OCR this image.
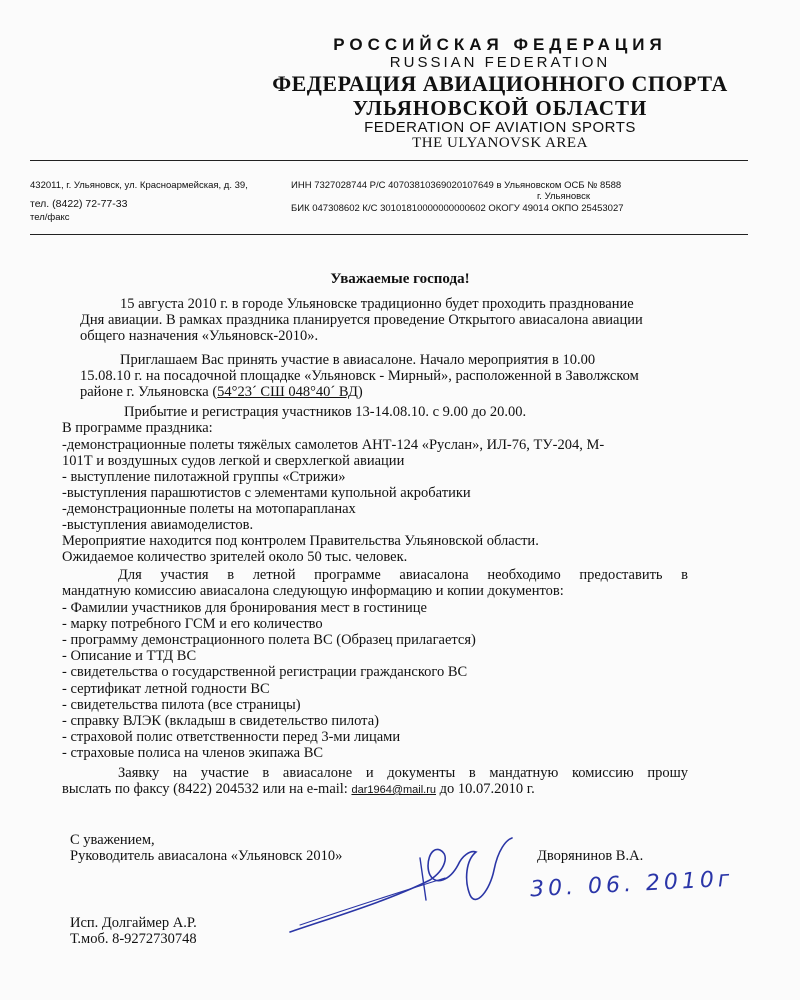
РОССИЙСКАЯ ФЕДЕРАЦИЯ
RUSSIAN FEDERATION
ФЕДЕРАЦИЯ АВИАЦИОННОГО СПОРТА
УЛЬЯНОВСКОЙ ОБЛАСТИ
FEDERATION OF AVIATION SPORTS
THE ULYANOVSK AREA
432011, г. Ульяновск, ул. Красноармейская, д. 39,
тел. (8422) 72-77-33
тел/факс
ИНН 7327028744 Р/С 40703810369020107649 в Ульяновском ОСБ № 8588
г. Ульяновск
БИК 047308602 К/С 30101810000000000602 ОКОГУ 49014 ОКПО 25453027
Уважаемые господа!
15 августа 2010 г. в городе Ульяновске традиционно будет проходить празднование
Дня авиации. В рамках праздника планируется проведение Открытого авиасалона авиации
общего назначения «Ульяновск-2010».
Приглашаем Вас принять участие в авиасалоне. Начало мероприятия в 10.00
15.08.10 г. на посадочной площадке «Ульяновск - Мирный», расположенной в Заволжском
районе г. Ульяновска (54°23´ СШ 048°40´ ВД)
Прибытие и регистрация участников 13-14.08.10. с 9.00 до 20.00.
В программе праздника:
-демонстрационные полеты тяжёлых самолетов АНТ-124 «Руслан», ИЛ-76, ТУ-204, М-
101Т и воздушных судов легкой и сверхлегкой авиации
- выступление пилотажной группы «Стрижи»
-выступления парашютистов с элементами купольной акробатики
-демонстрационные полеты на мотопарапланах
-выступления авиамоделистов.
Мероприятие находится под контролем Правительства Ульяновской области.
Ожидаемое количество зрителей около 50 тыс. человек.
Для участия в летной программе авиасалона необходимо предоставить в
мандатную комиссию авиасалона следующую информацию и копии документов:
- Фамилии участников для бронирования мест в гостинице
- марку потребного ГСМ и его количество
- программу демонстрационного полета ВС (Образец прилагается)
- Описание и ТТД ВС
- свидетельства о государственной регистрации гражданского ВС
- сертификат летной годности ВС
- свидетельства пилота (все страницы)
- справку ВЛЭК (вкладыш в свидетельство пилота)
- страховой полис ответственности перед 3-ми лицами
- страховые полиса на членов экипажа ВС
Заявку на участие в авиасалоне и документы в мандатную комиссию прошу
выслать по факсу (8422) 204532 или на e-mail: dar1964@mail.ru до 10.07.2010 г.
С уважением,
Руководитель авиасалона «Ульяновск 2010»	Дворянинов В.А.
30. 06. 2010г
Исп. Долгаймер А.Р.
Т.моб. 8-9272730748
